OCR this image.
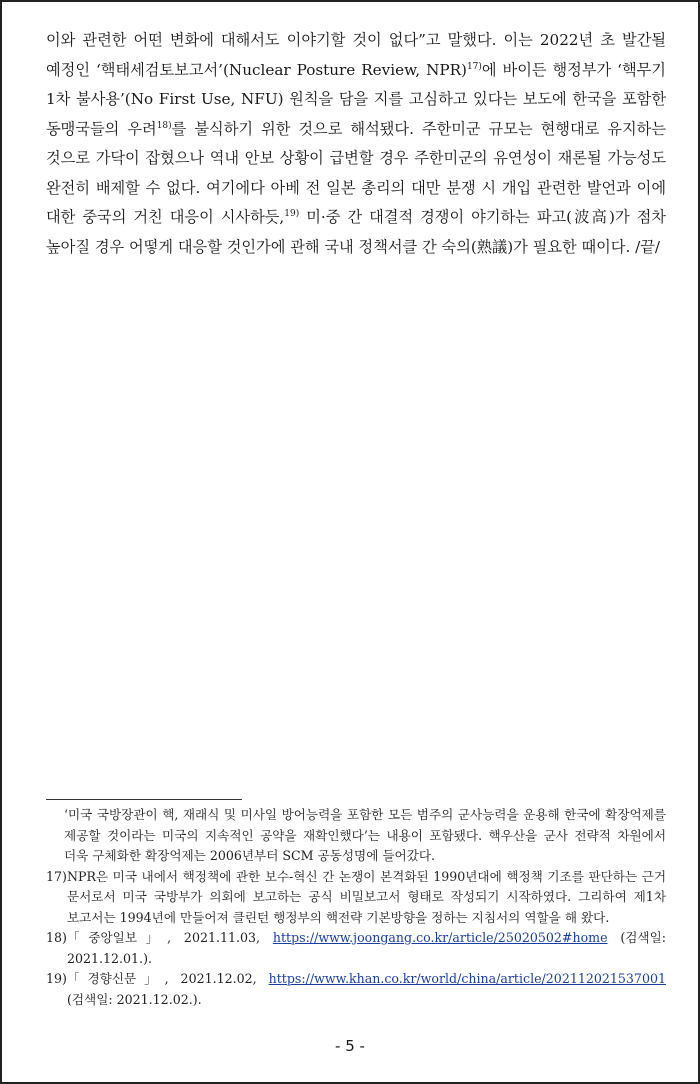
이와 관련한 어떤 변화에 대해서도 이야기할 것이 없다”고 말했다. 이는 2022년 초 발간될 예정인 ‘핵태세검토보고서’(Nuclear Posture Review, NPR)$^{17)}$에 바이든 행정부가 ‘핵무기 1차 불사용’(No First Use, NFU) 원칙을 담을 지를 고심하고 있다는 보도에 한국을 포함한 동맹국들의 우려$^{18)}$를 불식하기 위한 것으로 해석됐다. 주한미군 규모는 현행대로 유지하는 것으로 가닥이 잡혔으나 역내 안보 상황이 급변할 경우 주한미군의 유연성이 재론될 가능성도 완전히 배제할 수 없다. 여기에다 아베 전 일본 총리의 대만 분쟁 시 개입 관련한 발언과 이에 대한 중국의 거친 대응이 시사하듯,$^{19)}$ 미·중 간 대결적 경쟁이 야기하는 파고(波高)가 점차 높아질 경우 어떻게 대응할 것인가에 관해 국내 정책서클 간 숙의(熟議)가 필요한 때이다. /끝/
‘미국 국방장관이 핵, 재래식 및 미사일 방어능력을 포함한 모든 범주의 군사능력을 운용해 한국에 확장억제를 제공할 것이라는 미국의 지속적인 공약을 재확인했다’는 내용이 포함됐다. 핵우산을 군사 전략적 차원에서 더욱 구체화한 확장억제는 2006년부터 SCM 공동성명에 들어갔다.
17) NPR은 미국 내에서 핵정책에 관한 보수-혁신 간 논쟁이 본격화된 1990년대에 핵정책 기조를 판단하는 근거 문서로서 미국 국방부가 의회에 보고하는 공식 비밀보고서 형태로 작성되기 시작하였다. 그리하여 제1차 보고서는 1994년에 만들어져 클린턴 행정부의 핵전략 기본방향을 정하는 지침서의 역할을 해 왔다.
18) 「중앙일보」, 2021.11.03, https://www.joongang.co.kr/article/25020502#home (검색일: 2021.12.01.).
19) 「경향신문」, 2021.12.02, https://www.khan.co.kr/world/china/article/202112021537001 (검색일: 2021.12.02.).
- 5 -
